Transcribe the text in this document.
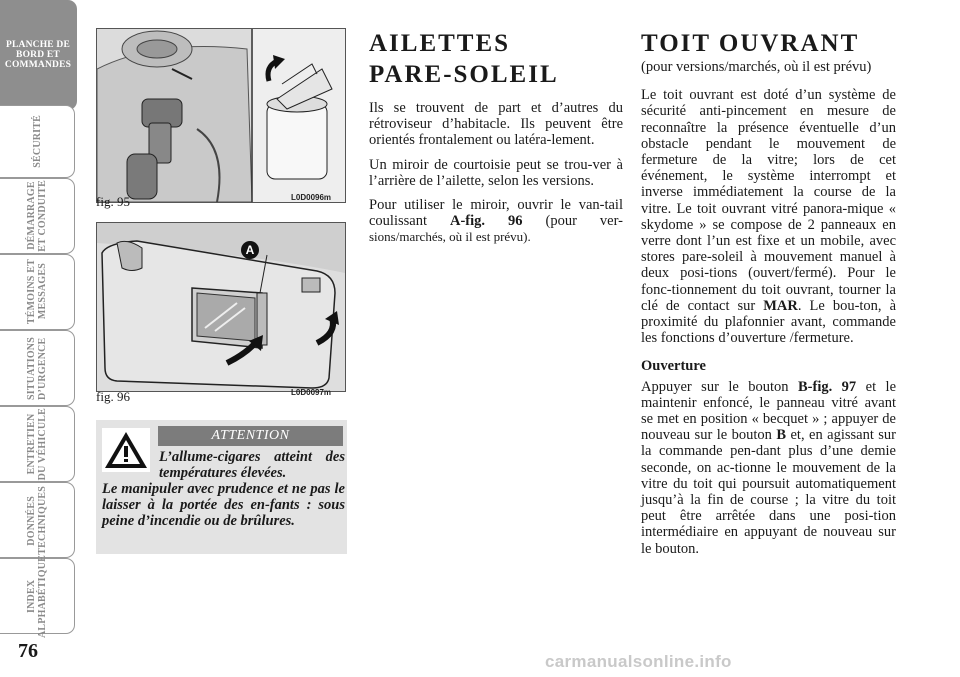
PLANCHE DE
BORD ET
COMMANDES
SÉCURITÉ
DÉMARRAGE
ET CONDUITE
TÉMOINS ET
MESSAGES
SITUATIONS
D’URGENCE
ENTRETIEN
DU VÉHICULE
DONNÉES
TECHNIQUES
INDEX
ALPHABÉTIQUE
76
fig. 95	L0D0096m
A
fig. 96	L0D0097m
ATTENTION
L’allume-cigares atteint des températures élevées.
Le manipuler avec prudence et ne pas le laisser à la portée des en-fants : sous peine d’incendie ou de brûlures.
AILETTES
PARE-SOLEIL

Ils se trouvent de part et d’autres du rétroviseur d’habitacle. Ils peuvent être orientés frontalement ou latéra-lement.

Un miroir de courtoisie peut se trou-ver à l’arrière de l’ailette, selon les versions.

Pour utiliser le miroir, ouvrir le van-tail coulissant A-fig. 96 (pour ver- sions/marchés, où il est prévu).

TOIT OUVRANT
(pour versions/marchés, où il est prévu)

Le toit ouvrant est doté d’un système de sécurité anti-pincement en mesure de reconnaître la présence éventuelle d’un obstacle pendant le mouvement de fermeture de la vitre; lors de cet événement, le système interrompt et inverse immédiatement la course de la vitre. Le toit ouvrant vitré panora-mique « skydome » se compose de 2 panneaux en verre dont l’un est fixe et un mobile, avec stores pare-soleil à mouvement manuel à deux posi-tions (ouvert/fermé). Pour le fonc-tionnement du toit ouvrant, tourner la clé de contact sur MAR. Le bou-ton, à proximité du plafonnier avant, commande les fonctions d’ouverture /fermeture.

Ouverture

Appuyer sur le bouton B-fig. 97 et le maintenir enfoncé, le panneau vitré avant se met en position « becquet » ; appuyer de nouveau sur le bouton B et, en agissant sur la commande pen-dant plus d’une demie seconde, on ac-tionne le mouvement de la vitre du toit qui poursuit automatiquement jusqu’à la fin de course ; la vitre du toit peut être arrêtée dans une posi-tion intermédiaire en appuyant de nouveau sur le bouton.

carmanualsonline.info
